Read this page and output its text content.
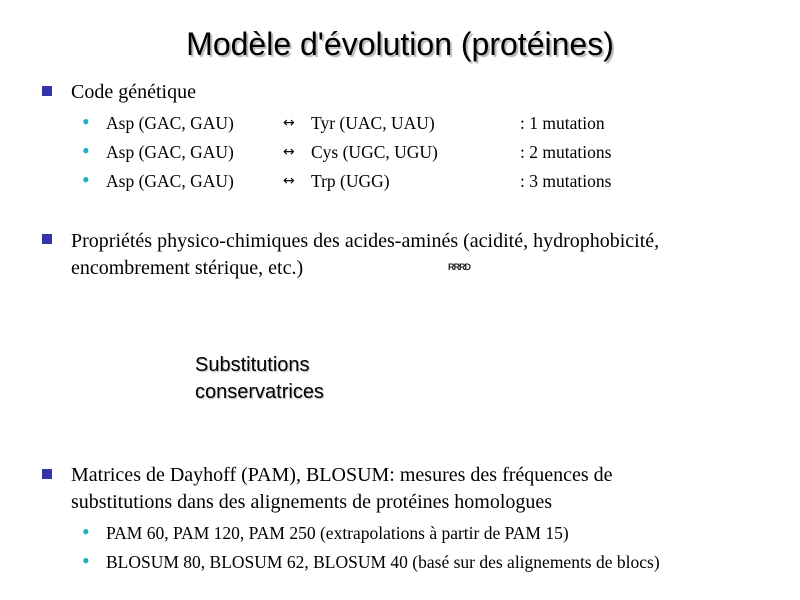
Modèle d'évolution (protéines)
Code génétique
• Asp (GAC, GAU)	↔ Tyr (UAC, UAU)	: 1 mutation
• Asp (GAC, GAU)	↔ Cys (UGC, UGU)	: 2 mutations
• Asp (GAC, GAU)	↔ Trp (UGG)	: 3 mutations
Propriétés physico-chimiques des acides-aminés (acidité, hydrophobicité,
encombrement stérique, etc.)	RRRD
Substitutions
conservatrices
Matrices de Dayhoff (PAM), BLOSUM: mesures des fréquences de
substitutions dans des alignements de protéines homologues
• PAM 60, PAM 120, PAM 250 (extrapolations à partir de PAM 15)
• BLOSUM 80, BLOSUM 62, BLOSUM 40 (basé sur des alignements de blocs)
